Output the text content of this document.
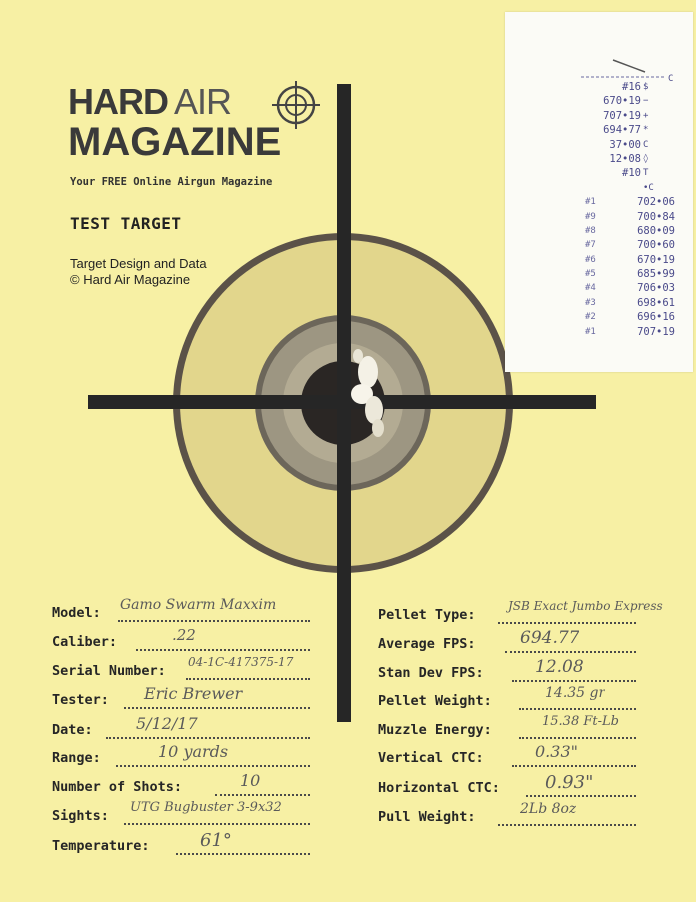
HARD AIR
MAGAZINE
Your FREE Online Airgun Magazine
TEST TARGET
Target Design and Data
© Hard Air Magazine
C
#16 $
670•19 −
707•19 +
694•77 *
37•00 C
12•08 ◊
#10 T
•C
#1	702•06
#9	700•84
#8	680•09
#7	700•60
#6	670•19
#5	685•99
#4	706•03
#3	698•61
#2	696•16
#1	707•19
Model: Gamo Swarm Maxxim
Caliber:	.22
Serial Number:
04-1C-417375-17
Tester: Eric Brewer
Date:	5/12/17
Range:	10 yards
Number of Shots:	10
Sights:
UTG Bugbuster 3-9x32
Temperature:	61°
Pellet Type:
JSB Exact Jumbo Express
Average FPS:	694.77
Stan Dev FPS:	12.08
Pellet Weight:	14.35 gr
Muzzle Energy:
15.38 Ft-Lb
Vertical CTC:	0.33"
Horizontal CTC:	0.93"
Pull Weight:	2Lb 8oz
